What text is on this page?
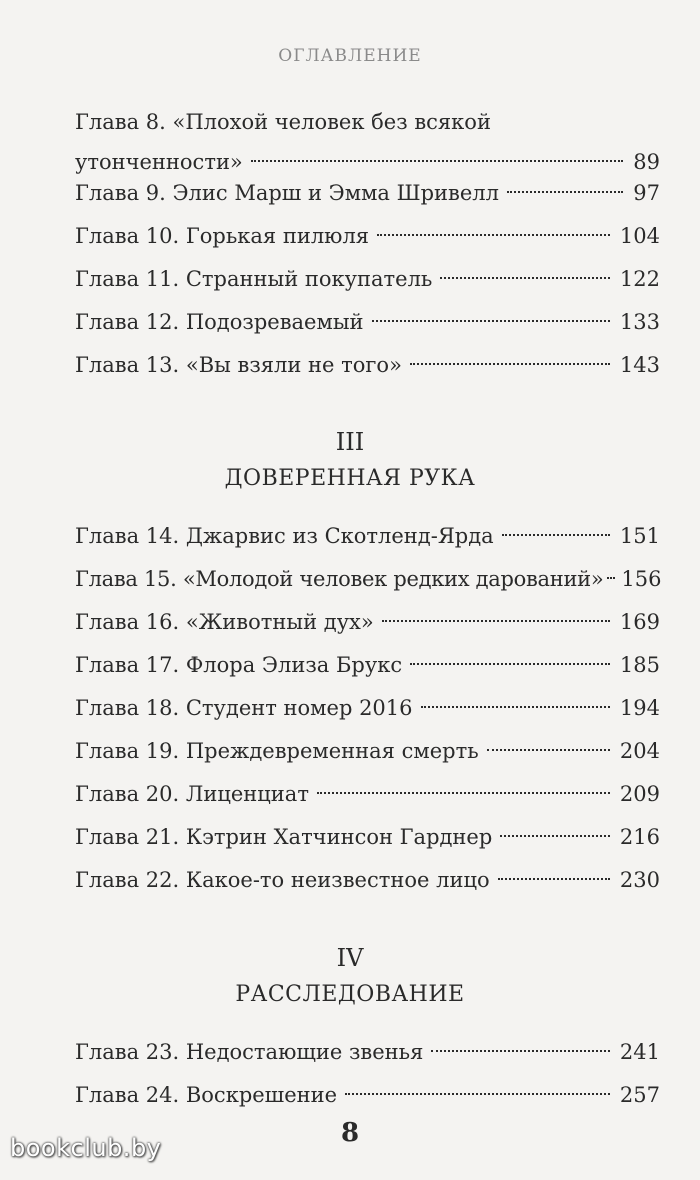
ОГЛАВЛЕНИЕ
Глава 8. «Плохой человек без всякой
утонченности»	89
Глава 9. Элис Марш и Эмма Шривелл	97
Глава 10. Горькая пилюля	104
Глава 11. Странный покупатель	122
Глава 12. Подозреваемый	133
Глава 13. «Вы взяли не того»	143
III
ДОВЕРЕННАЯ РУКА
Глава 14. Джарвис из Скотленд-Ярда	151
Глава 15. «Молодой человек редких дарований» 156
Глава 16. «Животный дух»	169
Глава 17. Флора Элиза Брукс	185
Глава 18. Студент номер 2016	194
Глава 19. Преждевременная смерть	204
Глава 20. Лиценциат	209
Глава 21. Кэтрин Хатчинсон Гарднер	216
Глава 22. Какое-то неизвестное лицо	230
IV
РАССЛЕДОВАНИЕ
Глава 23. Недостающие звенья	241
Глава 24. Воскрешение	257
8
bookclub.by
